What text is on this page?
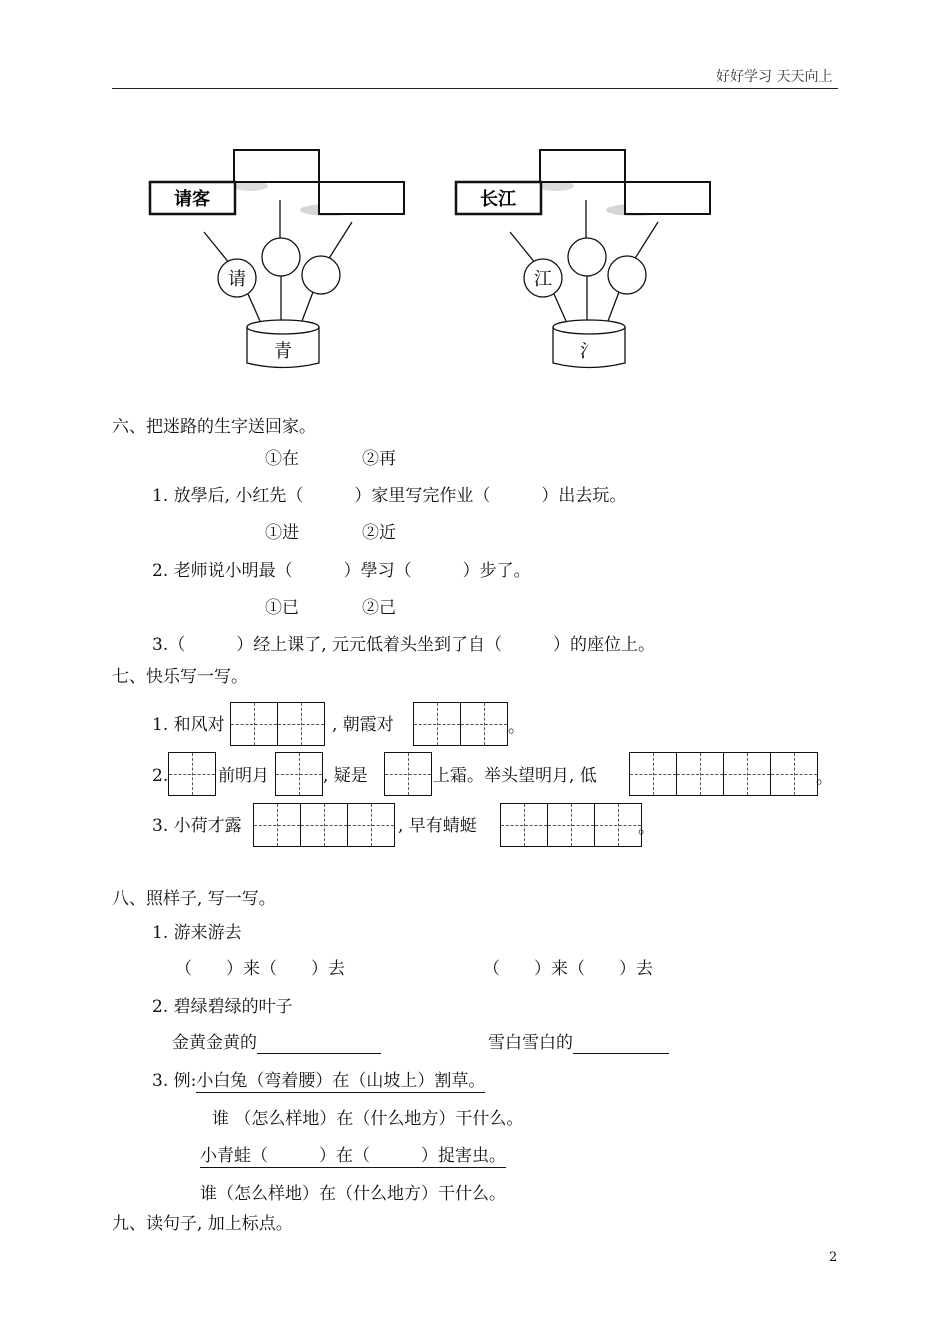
好好学习 天天向上
请客
请
青
长江
江
氵
六、把迷路的生字送回家。
①在	②再
1. 放學后, 小红先（　　　）家里写完作业（　　　）出去玩。
①进	②近
2. 老师说小明最（　　　）學习（　　　）步了。
①已	②己
3.（　　　）经上课了, 元元低着头坐到了自（　　　）的座位上。
七、快乐写一写。
1. 和风对	, 朝霞对	。
2.	前明月	, 疑是	上霜。举头望明月, 低	。
3. 小荷才露	, 早有蜻蜓	。
八、照样子, 写一写。
1. 游来游去
（　　）来（　　）去	（　　）来（　　）去
2. 碧绿碧绿的叶子
金黄金黄的	雪白雪白的
3. 例:小白兔（弯着腰）在（山坡上）割草。
谁 （怎么样地）在（什么地方）干什么。
小青蛙（　　　）在（　　　）捉害虫。
谁（怎么样地）在（什么地方）干什么。
九、读句子, 加上标点。
2
